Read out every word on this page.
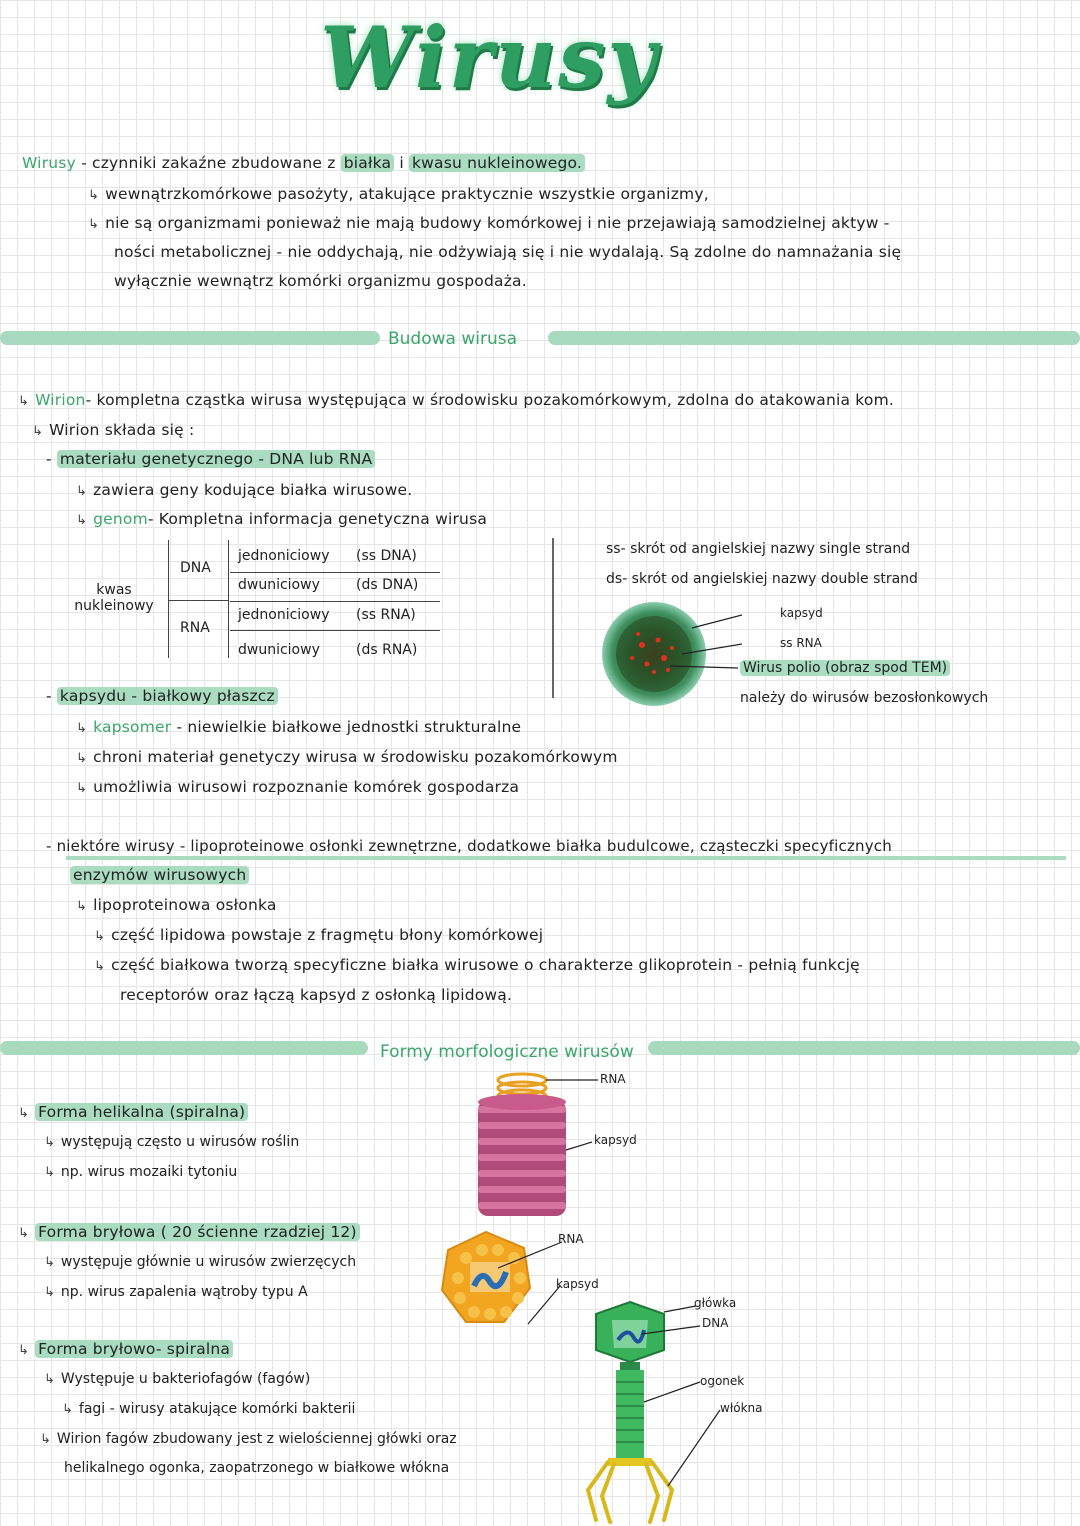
Wirusy
Wirusy - czynniki zakaźne zbudowane z białka i kwasu nukleinowego.
↳ wewnątrzkomórkowe pasożyty, atakujące praktycznie wszystkie organizmy,
↳ nie są organizmami ponieważ nie mają budowy komórkowej i nie przejawiają samodzielnej aktyw -
ności metabolicznej - nie oddychają, nie odżywiają się i nie wydalają. Są zdolne do namnażania się
wyłącznie wewnątrz komórki organizmu gospodaża.
Budowa wirusa
↳ Wirion- kompletna cząstka wirusa występująca w środowisku pozakomórkowym, zdolna do atakowania kom.
↳ Wirion składa się :
- materiału genetycznego - DNA lub RNA
↳ zawiera geny kodujące białka wirusowe.
↳ genom- Kompletna informacja genetyczna wirusa
kwas nukleinowy
DNA
RNA
jednoniciowy (ss DNA)
dwuniciowy	(ds DNA)
jednoniciowy (ss RNA)
dwuniciowy	(ds RNA)
ss- skrót od angielskiej nazwy single strand
ds- skrót od angielskiej nazwy double strand
kapsyd
ss RNA
Wirus polio (obraz spod TEM)
należy do wirusów bezosłonkowych
- kapsydu - białkowy płaszcz
↳ kapsomer - niewielkie białkowe jednostki strukturalne
↳ chroni materiał genetyczy wirusa w środowisku pozakomórkowym
↳ umożliwia wirusowi rozpoznanie komórek gospodarza
- niektóre wirusy - lipoproteinowe osłonki zewnętrzne, dodatkowe białka budulcowe, cząsteczki specyficznych
enzymów wirusowych
↳ lipoproteinowa osłonka
↳ część lipidowa powstaje z fragmętu błony komórkowej
↳ część białkowa tworzą specyficzne białka wirusowe o charakterze glikoprotein - pełnią funkcję
receptorów oraz łączą kapsyd z osłonką lipidową.
Formy morfologiczne wirusów
↳ Forma helikalna (spiralna)
↳ występują często u wirusów roślin
↳ np. wirus mozaiki tytoniu
RNA
kapsyd
↳ Forma bryłowa ( 20 ścienne rzadziej 12)
↳ występuje głównie u wirusów zwierzęcych
↳ np. wirus zapalenia wątroby typu A
RNA
kapsyd
↳ Forma bryłowo- spiralna
↳ Występuje u bakteriofagów (fagów)
↳ fagi - wirusy atakujące komórki bakterii
↳ Wirion fagów zbudowany jest z wielościennej główki oraz
helikalnego ogonka, zaopatrzonego w białkowe włókna
główka
DNA
ogonek
włókna
